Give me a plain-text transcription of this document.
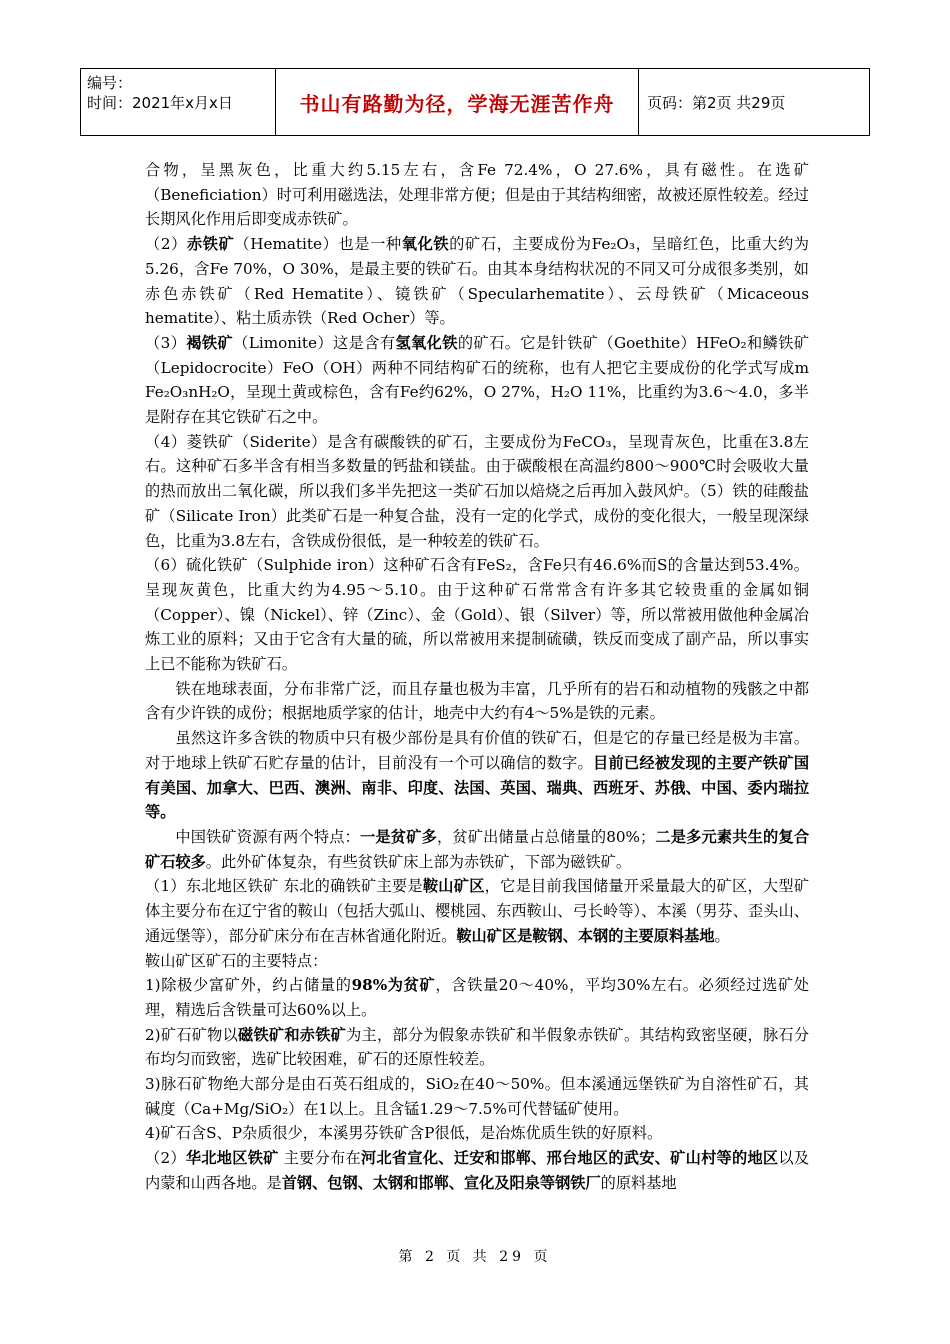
编号：
时间：2021年x月x日	书山有路勤为径，学海无涯苦作舟	页码：第2页 共29页

合物，呈黑灰色，比重大约5.15左右，含Fe 72.4%，O 27.6%，具有磁性。在选矿（Beneficiation）时可利用磁选法，处理非常方便；但是由于其结构细密，故被还原性较差。经过长期风化作用后即变成赤铁矿。

（2）赤铁矿（Hematite）也是一种氧化铁的矿石，主要成份为Fe₂O₃，呈暗红色，比重大约为5.26，含Fe 70%，O 30%，是最主要的铁矿石。由其本身结构状况的不同又可分成很多类别，如赤色赤铁矿（Red Hematite）、镜铁矿（Specularhematite）、云母铁矿（Micaceous hematite）、粘土质赤铁（Red Ocher）等。

（3）褐铁矿（Limonite）这是含有氢氧化铁的矿石。它是针铁矿（Goethite）HFeO₂和鳞铁矿（Lepidocrocite）FeO（OH）两种不同结构矿石的统称，也有人把它主要成份的化学式写成m Fe₂O₃nH₂O，呈现土黄或棕色，含有Fe约62%，O 27%，H₂O 11%，比重约为3.6～4.0，多半是附存在其它铁矿石之中。

（4）菱铁矿（Siderite）是含有碳酸铁的矿石，主要成份为FeCO₃，呈现青灰色，比重在3.8左右。这种矿石多半含有相当多数量的钙盐和镁盐。由于碳酸根在高温约800～900℃时会吸收大量的热而放出二氧化碳，所以我们多半先把这一类矿石加以焙烧之后再加入鼓风炉。（5）铁的硅酸盐矿（Silicate Iron）此类矿石是一种复合盐，没有一定的化学式，成份的变化很大，一般呈现深绿色，比重为3.8左右，含铁成份很低，是一种较差的铁矿石。

（6）硫化铁矿（Sulphide iron）这种矿石含有FeS₂，含Fe只有46.6%而S的含量达到53.4%。呈现灰黄色，比重大约为4.95～5.10。由于这种矿石常常含有许多其它较贵重的金属如铜（Copper）、镍（Nickel）、锌（Zinc）、金（Gold）、银（Silver）等，所以常被用做他种金属冶炼工业的原料；又由于它含有大量的硫，所以常被用来提制硫磺，铁反而变成了副产品，所以事实上已不能称为铁矿石。

铁在地球表面，分布非常广泛，而且存量也极为丰富，几乎所有的岩石和动植物的残骸之中都含有少许铁的成份；根据地质学家的估计，地壳中大约有4～5%是铁的元素。

虽然这许多含铁的物质中只有极少部份是具有价值的铁矿石，但是它的存量已经是极为丰富。对于地球上铁矿石贮存量的估计，目前没有一个可以确信的数字。目前已经被发现的主要产铁矿国有美国、加拿大、巴西、澳洲、南非、印度、法国、英国、瑞典、西班牙、苏俄、中国、委内瑞拉等。

中国铁矿资源有两个特点：一是贫矿多，贫矿出储量占总储量的80%；二是多元素共生的复合矿石较多。此外矿体复杂，有些贫铁矿床上部为赤铁矿，下部为磁铁矿。

（1）东北地区铁矿 东北的确铁矿主要是鞍山矿区，它是目前我国储量开采量最大的矿区，大型矿体主要分布在辽宁省的鞍山（包括大弧山、樱桃园、东西鞍山、弓长岭等）、本溪（男芬、歪头山、通远堡等），部分矿床分布在吉林省通化附近。鞍山矿区是鞍钢、本钢的主要原料基地。

鞍山矿区矿石的主要特点：

1)除极少富矿外，约占储量的98%为贫矿，含铁量20～40%，平均30%左右。必须经过选矿处理，精选后含铁量可达60%以上。

2)矿石矿物以磁铁矿和赤铁矿为主，部分为假象赤铁矿和半假象赤铁矿。其结构致密坚硬，脉石分布均匀而致密，选矿比较困难，矿石的还原性较差。

3)脉石矿物绝大部分是由石英石组成的，SiO₂在40～50%。但本溪通远堡铁矿为自溶性矿石，其碱度（Ca+Mg/SiO₂）在1以上。且含锰1.29～7.5%可代替锰矿使用。

4)矿石含S、P杂质很少，本溪男芬铁矿含P很低，是冶炼优质生铁的好原料。

（2）华北地区铁矿 主要分布在河北省宣化、迁安和邯郸、邢台地区的武安、矿山村等的地区以及内蒙和山西各地。是首钢、包钢、太钢和邯郸、宣化及阳泉等钢铁厂的原料基地

第 2 页 共 29 页
